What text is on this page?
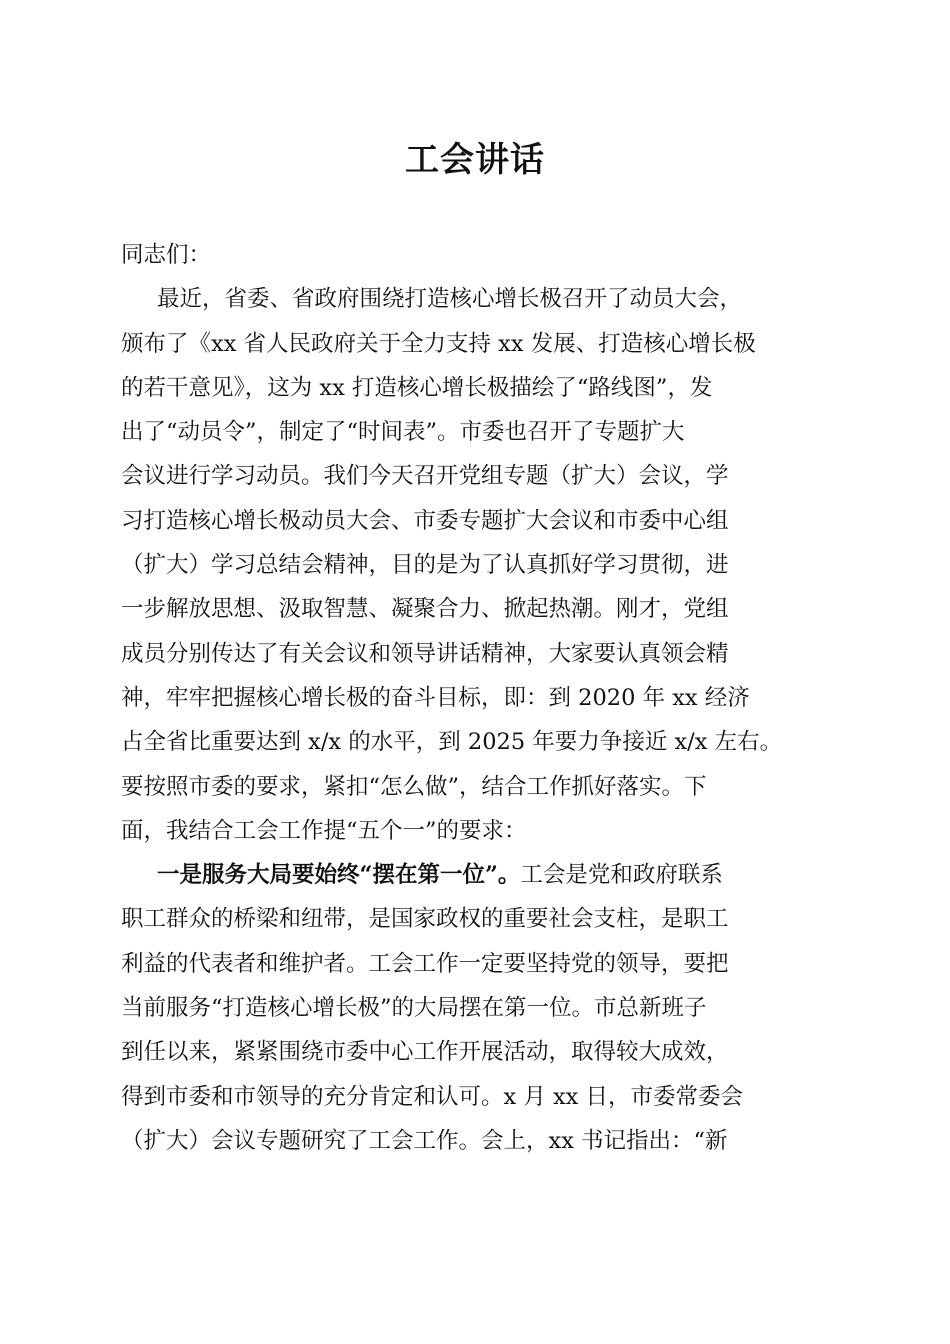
工会讲话
同志们：
最近，省委、省政府围绕打造核心增长极召开了动员大会，
颁布了《xx 省人民政府关于全力支持 xx 发展、打造核心增长极
的若干意见》，这为 xx 打造核心增长极描绘了“路线图”，发
出了“动员令”，制定了“时间表”。市委也召开了专题扩大
会议进行学习动员。我们今天召开党组专题（扩大）会议，学
习打造核心增长极动员大会、市委专题扩大会议和市委中心组
（扩大）学习总结会精神，目的是为了认真抓好学习贯彻，进
一步解放思想、汲取智慧、凝聚合力、掀起热潮。刚才，党组
成员分别传达了有关会议和领导讲话精神，大家要认真领会精
神，牢牢把握核心增长极的奋斗目标，即：到 2020 年 xx 经济
占全省比重要达到 x/x 的水平，到 2025 年要力争接近 x/x 左右。
要按照市委的要求，紧扣“怎么做”，结合工作抓好落实。下
面，我结合工会工作提“五个一”的要求：
一是服务大局要始终“摆在第一位”。工会是党和政府联系
职工群众的桥梁和纽带，是国家政权的重要社会支柱，是职工
利益的代表者和维护者。工会工作一定要坚持党的领导，要把
当前服务“打造核心增长极”的大局摆在第一位。市总新班子
到任以来，紧紧围绕市委中心工作开展活动，取得较大成效，
得到市委和市领导的充分肯定和认可。x 月 xx 日，市委常委会
（扩大）会议专题研究了工会工作。会上，xx 书记指出：“新
